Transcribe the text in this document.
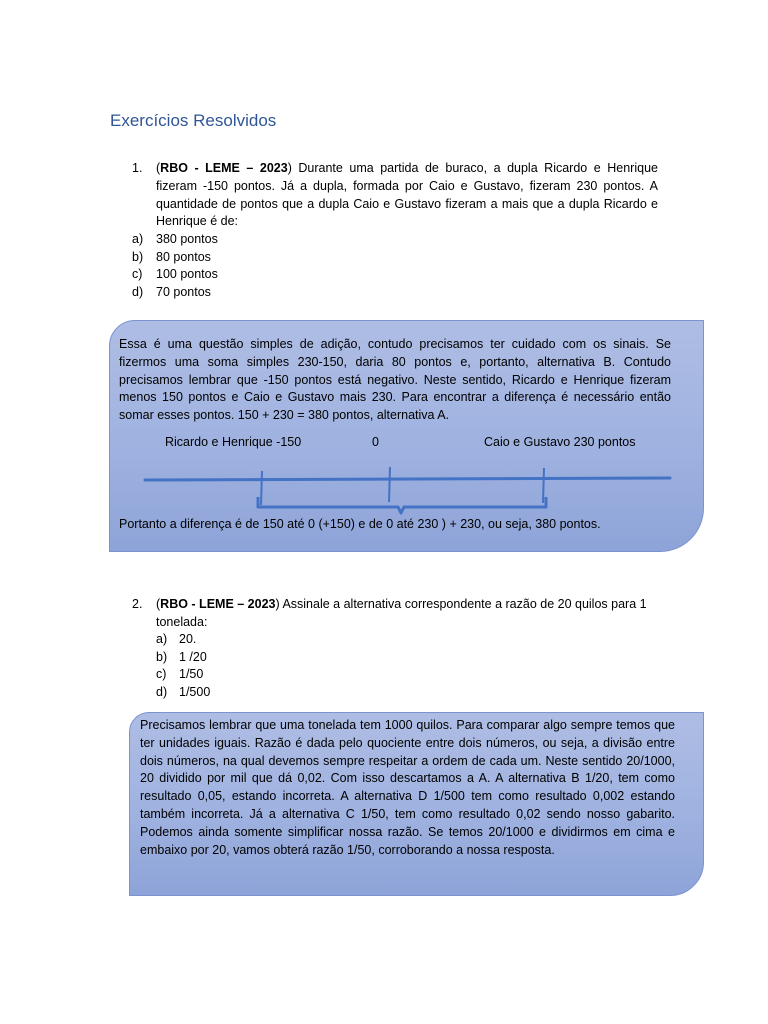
Exercícios Resolvidos
1. (RBO - LEME – 2023) Durante uma partida de buraco, a dupla Ricardo e Henrique fizeram -150 pontos. Já a dupla, formada por Caio e Gustavo, fizeram 230 pontos. A quantidade de pontos que a dupla Caio e Gustavo fizeram a mais que a dupla Ricardo e Henrique é de:
a) 380 pontos
b) 80 pontos
c) 100 pontos
d) 70 pontos
Essa é uma questão simples de adição, contudo precisamos ter cuidado com os sinais. Se fizermos uma soma simples 230-150, daria 80 pontos e, portanto, alternativa B. Contudo precisamos lembrar que -150 pontos está negativo. Neste sentido, Ricardo e Henrique fizeram menos 150 pontos e Caio e Gustavo mais 230. Para encontrar a diferença é necessário então somar esses pontos. 150 + 230 = 380 pontos, alternativa A.
Ricardo e Henrique -150	0	Caio e Gustavo 230 pontos
Portanto a diferença é de 150 até 0 (+150) e de 0 até 230 ) + 230, ou seja, 380 pontos.
2. (RBO - LEME – 2023) Assinale a alternativa correspondente a razão de 20 quilos para 1 tonelada:
a) 20.
b) 1 /20
c) 1/50
d) 1/500
Precisamos lembrar que uma tonelada tem 1000 quilos. Para comparar algo sempre temos que ter unidades iguais. Razão é dada pelo quociente entre dois números, ou seja, a divisão entre dois números, na qual devemos sempre respeitar a ordem de cada um. Neste sentido 20/1000, 20 dividido por mil que dá 0,02. Com isso descartamos a A. A alternativa B 1/20, tem como resultado 0,05, estando incorreta. A alternativa D 1/500 tem como resultado 0,002 estando também incorreta. Já a alternativa C 1/50, tem como resultado 0,02 sendo nosso gabarito. Podemos ainda somente simplificar nossa razão. Se temos 20/1000 e dividirmos em cima e embaixo por 20, vamos obterá razão 1/50, corroborando a nossa resposta.
